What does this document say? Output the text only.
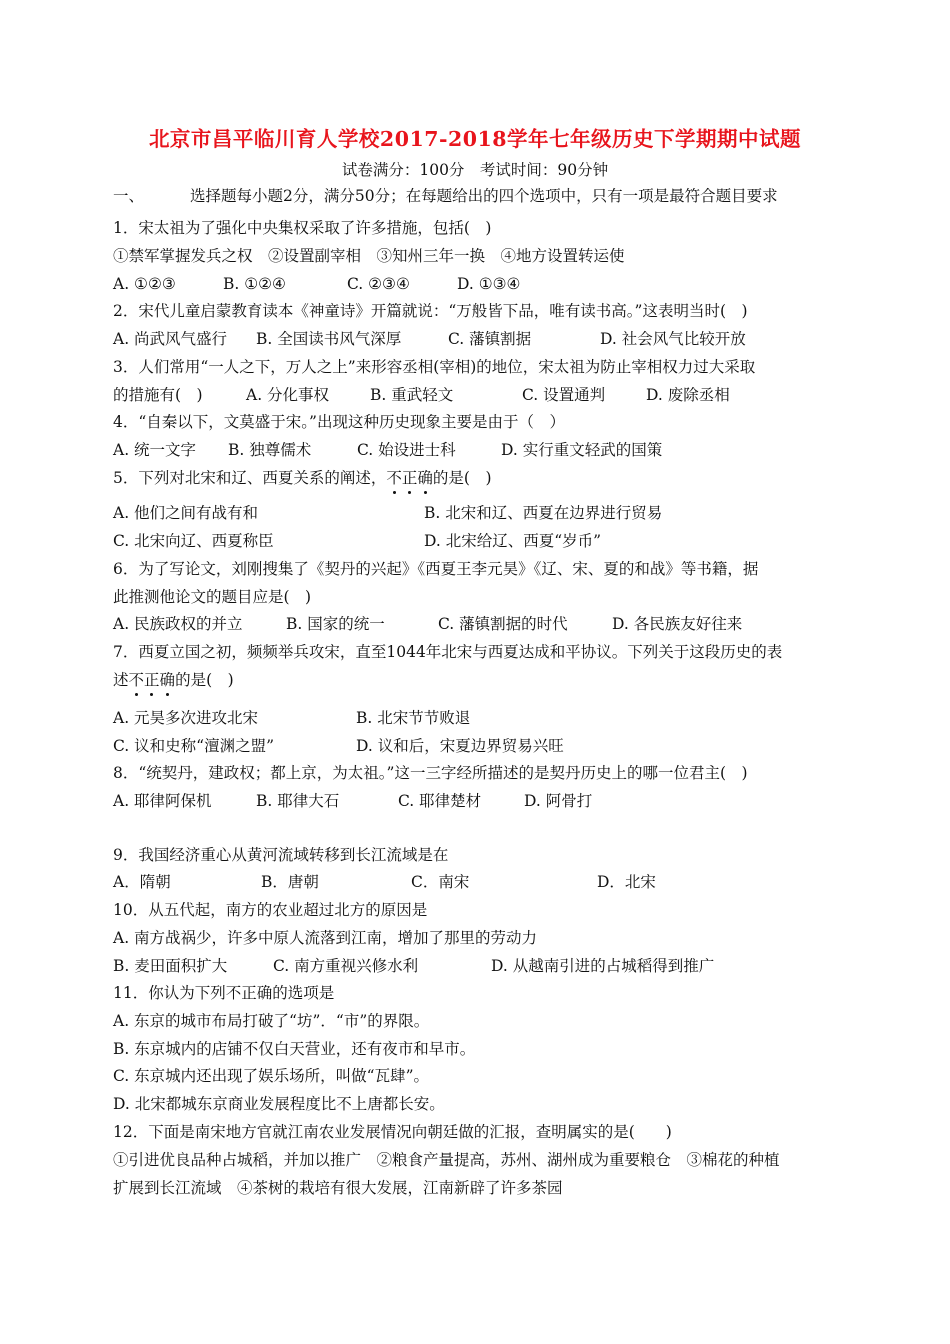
北京市昌平临川育人学校2017-2018学年七年级历史下学期期中试题
试卷满分：100分　考试时间：90分钟
一、	选择题每小题2分，满分50分；在每题给出的四个选项中，只有一项是最符合题目要求
1．宋太祖为了强化中央集权采取了许多措施，包括(　)
①禁军掌握发兵之权　②设置副宰相　③知州三年一换　④地方设置转运使
A. ①②③	B. ①②④	C. ②③④	D. ①③④
2．宋代儿童启蒙教育读本《神童诗》开篇就说：“万般皆下品，唯有读书高。”这表明当时(　)
A. 尚武风气盛行 B. 全国读书风气深厚	C. 藩镇割据	D. 社会风气比较开放
3．人们常用“一人之下，万人之上”来形容丞相(宰相)的地位，宋太祖为防止宰相权力过大采取
的措施有(　)	A. 分化事权	B. 重武轻文	C. 设置通判	D. 废除丞相
4．“自秦以下，文莫盛于宋。”出现这种历史现象主要是由于（　）
A. 统一文字 B. 独尊儒术	C. 始设进士科	D. 实行重文轻武的国策
5．下列对北宋和辽、西夏关系的阐述，不正确的是(　)
A. 他们之间有战有和	B. 北宋和辽、西夏在边界进行贸易
C. 北宋向辽、西夏称臣	D. 北宋给辽、西夏“岁币”
6．为了写论文，刘刚搜集了《契丹的兴起》《西夏王李元昊》《辽、宋、夏的和战》等书籍，据
此推测他论文的题目应是(　)
A. 民族政权的并立	B. 国家的统一	C. 藩镇割据的时代	D. 各民族友好往来
7．西夏立国之初，频频举兵攻宋，直至1044年北宋与西夏达成和平协议。下列关于这段历史的表
述不正确的是(　)
A. 元昊多次进攻北宋	B. 北宋节节败退
C. 议和史称“澶渊之盟”	D. 议和后，宋夏边界贸易兴旺
8．“统契丹，建政权；都上京，为太祖。”这一三字经所描述的是契丹历史上的哪一位君主(　)
A. 耶律阿保机	B. 耶律大石	C. 耶律楚材	D. 阿骨打
9．我国经济重心从黄河流域转移到长江流域是在
A．隋朝	B．唐朝	C．南宋	D．北宋
10．从五代起，南方的农业超过北方的原因是
A. 南方战祸少，许多中原人流落到江南，增加了那里的劳动力
B. 麦田面积扩大	C. 南方重视兴修水利	D. 从越南引进的占城稻得到推广
11．你认为下列不正确的选项是
A. 东京的城市布局打破了“坊”．“市”的界限。
B. 东京城内的店铺不仅白天营业，还有夜市和早市。
C. 东京城内还出现了娱乐场所，叫做“瓦肆”。
D. 北宋都城东京商业发展程度比不上唐都长安。
12．下面是南宋地方官就江南农业发展情况向朝廷做的汇报，查明属实的是(　　)
①引进优良品种占城稻，并加以推广　②粮食产量提高，苏州、湖州成为重要粮仓　③棉花的种植
扩展到长江流域　④茶树的栽培有很大发展，江南新辟了许多茶园
